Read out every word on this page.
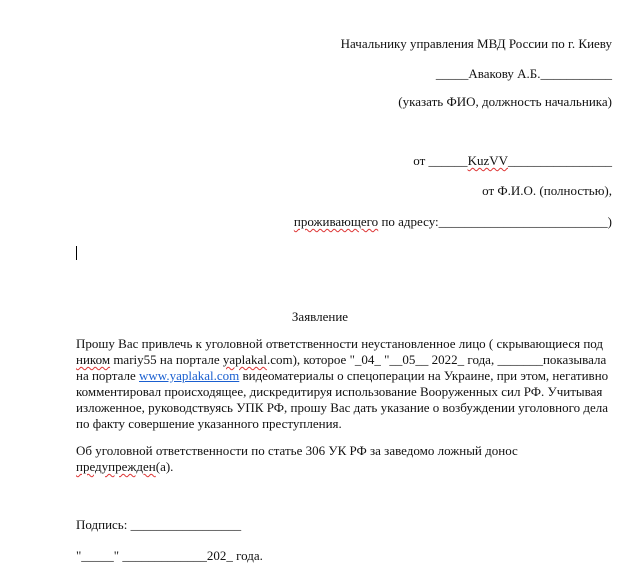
Начальнику управления МВД России по г. Киеву
_____Авакову А.Б.___________
(указать ФИО, должность начальника)
от ______KuzVV________________
от Ф.И.О. (полностью),
проживающего по адресу:__________________________)
Заявление
Прошу Вас привлечь к уголовной ответственности неустановленное лицо ( скрывающиеся под ником mariy55 на портале yaplakal.com), которое "_04_ "__05__ 2022_ года, _______показывала на портале www.yaplakal.com видеоматериалы о спецоперации на Украине, при этом, негативно комментировал происходящее, дискредитируя использование Вооруженных сил РФ. Учитывая изложенное, руководствуясь УПК РФ, прошу Вас дать указание о возбуждении уголовного дела по факту совершение указанного преступления.
Об уголовной ответственности по статье 306 УК РФ за заведомо ложный донос предупрежден(а).
Подпись: _________________
"_____" _____________202_ года.
